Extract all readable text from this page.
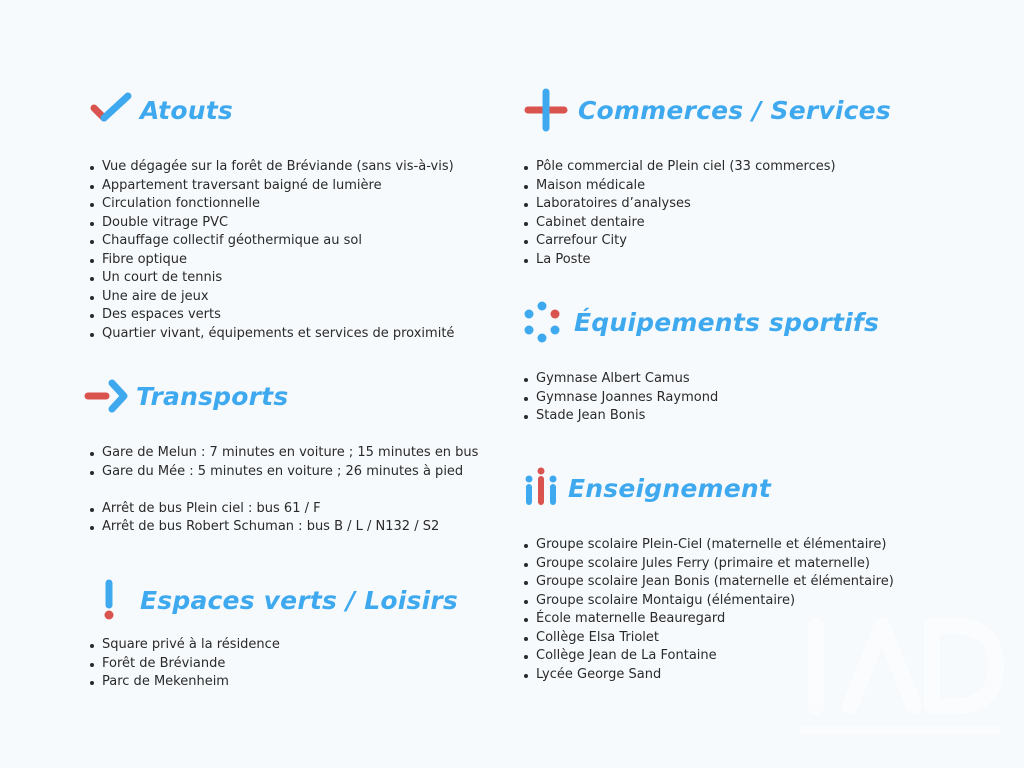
Atouts
Vue dégagée sur la forêt de Bréviande (sans vis-à-vis)
Appartement traversant baigné de lumière
Circulation fonctionnelle
Double vitrage PVC
Chauffage collectif géothermique au sol
Fibre optique
Un court de tennis
Une aire de jeux
Des espaces verts
Quartier vivant, équipements et services de proximité
Transports
Gare de Melun : 7 minutes en voiture ; 15 minutes en bus
Gare du Mée : 5 minutes en voiture ; 26 minutes à pied
Arrêt de bus Plein ciel : bus 61 / F
Arrêt de bus Robert Schuman : bus B / L / N132 / S2
Espaces verts / Loisirs
Square privé à la résidence
Forêt de Bréviande
Parc de Mekenheim
Commerces / Services
Pôle commercial de Plein ciel (33 commerces)
Maison médicale
Laboratoires d’analyses
Cabinet dentaire
Carrefour City
La Poste
Équipements sportifs
Gymnase Albert Camus
Gymnase Joannes Raymond
Stade Jean Bonis
Enseignement
Groupe scolaire Plein-Ciel (maternelle et élémentaire)
Groupe scolaire Jules Ferry (primaire et maternelle)
Groupe scolaire Jean Bonis (maternelle et élémentaire)
Groupe scolaire Montaigu (élémentaire)
École maternelle Beauregard
Collège Elsa Triolet
Collège Jean de La Fontaine
Lycée George Sand
